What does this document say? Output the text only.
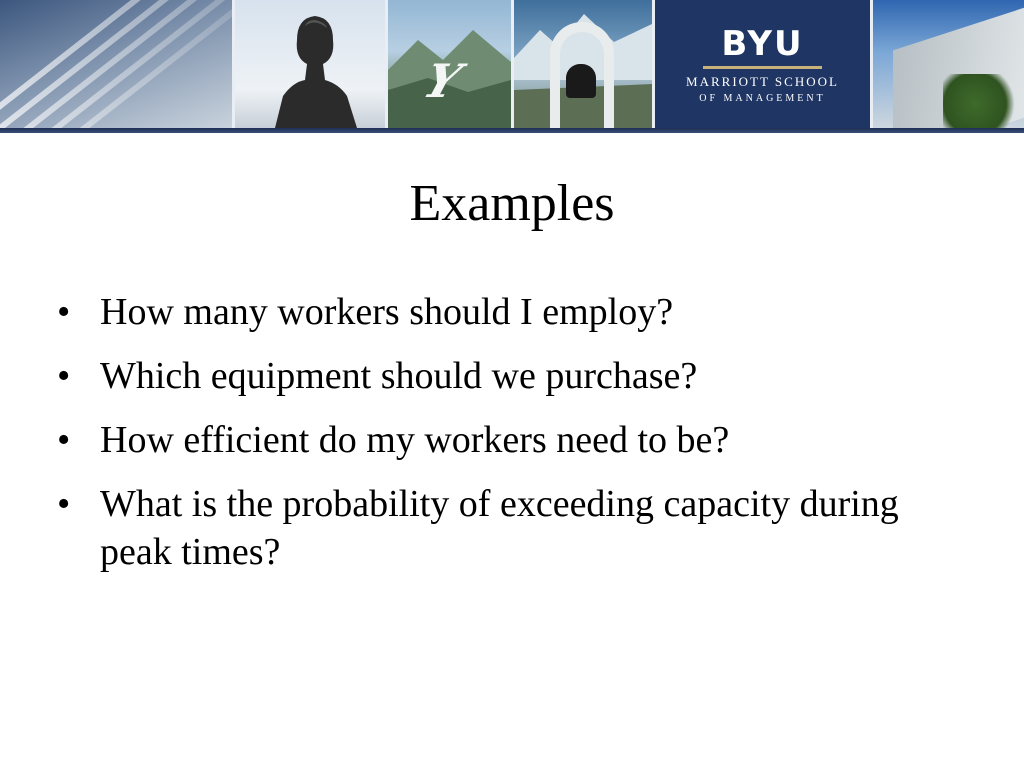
Y
BYU
MARRIOTT SCHOOL
OF MANAGEMENT
Examples
• How many workers should I employ?
• Which equipment should we purchase?
• How efficient do my workers need to be?
• What is the probability of exceeding capacity during peak times?
